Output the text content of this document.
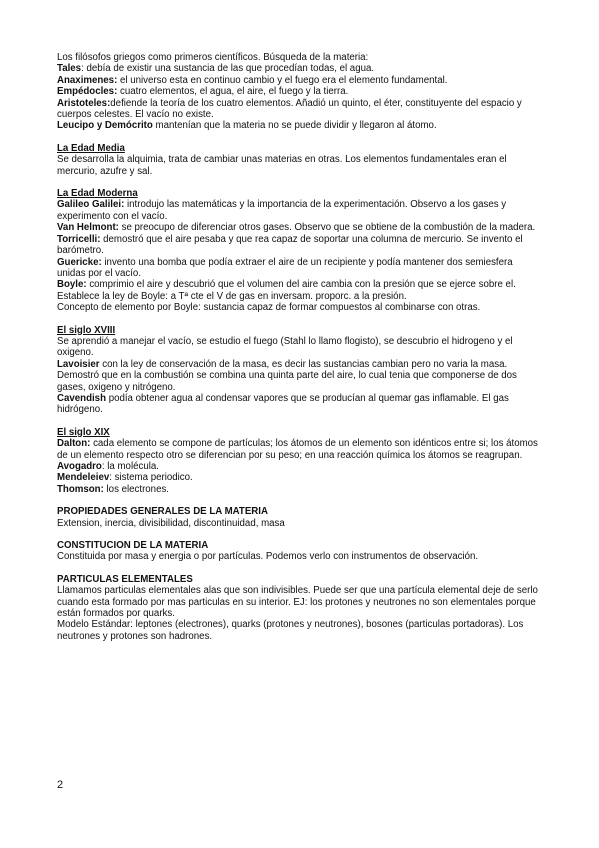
Los filósofos griegos como primeros científicos. Búsqueda de la materia:

Tales: debía de existir una sustancia de las que procedían todas, el agua.

Anaximenes: el universo esta en continuo cambio y el fuego era el elemento fundamental.

Empédocles: cuatro elementos, el agua, el aire, el fuego y la tierra.

Aristoteles:defiende la teoría de los cuatro elementos. Añadió un quinto, el éter, constituyente del espacio y cuerpos celestes. El vacío no existe.

Leucipo y Demócrito mantenían que la materia no se puede dividir y llegaron al átomo.

La Edad Media

Se desarrolla la alquimia, trata de cambiar unas materias en otras. Los elementos fundamentales eran el mercurio, azufre y sal.

La Edad Moderna

Galileo Galilei: introdujo las matemáticas y la importancia de la experimentación. Observo a los gases y experimento con el vacío.

Van Helmont: se preocupo de diferenciar otros gases. Observo que se obtiene de la combustión de la madera.

Torricelli: demostró que el aire pesaba y que rea capaz de soportar una columna de mercurio. Se invento el barómetro.

Guericke: invento una bomba que podía extraer el aire de un recipiente y podía mantener dos semiesfera unidas por el vacío.

Boyle: comprimio el aire y descubrió que el volumen del aire cambia con la presión que se ejerce sobre el. Establece la ley de Boyle: a Tª cte el V de gas en inversam. proporc. a la presión.

Concepto de elemento por Boyle: sustancia capaz de formar compuestos al combinarse con otras.

El siglo XVIII

Se aprendió a manejar el vacío, se estudio el fuego (Stahl lo llamo flogisto), se descubrio el hidrogeno y el oxigeno.

Lavoisier con la ley de conservación de la masa, es decir las sustancias cambian pero no varia la masa. Demostró que en la combustión se combina una quinta parte del aire, lo cual tenia que componerse de dos gases, oxigeno y nitrógeno.

Cavendish podía obtener agua al condensar vapores que se producían al quemar gas inflamable. El gas hidrógeno.

El siglo XIX

Dalton: cada elemento se compone de partículas; los átomos de un elemento son idénticos entre si; los átomos de un elemento respecto otro se diferencian por su peso; en una reacción química los átomos se reagrupan.

Avogadro: la molécula.

Mendeleiev: sistema periodico.

Thomson: los electrones.

PROPIEDADES GENERALES DE LA MATERIA

Extension, inercia, divisibilidad, discontinuidad, masa

CONSTITUCION DE LA MATERIA

Constituida por masa y energia o por partículas. Podemos verlo con instrumentos de observación.

PARTICULAS ELEMENTALES

Llamamos particulas elementales alas que son indivisibles. Puede ser que una partícula elemental deje de serlo cuando esta formado por mas particulas en su interior. EJ: los protones y neutrones no son elementales porque están formados por quarks.

Modelo Estándar: leptones (electrones), quarks (protones y neutrones), bosones (particulas portadoras). Los neutrones y protones son hadrones.

2
